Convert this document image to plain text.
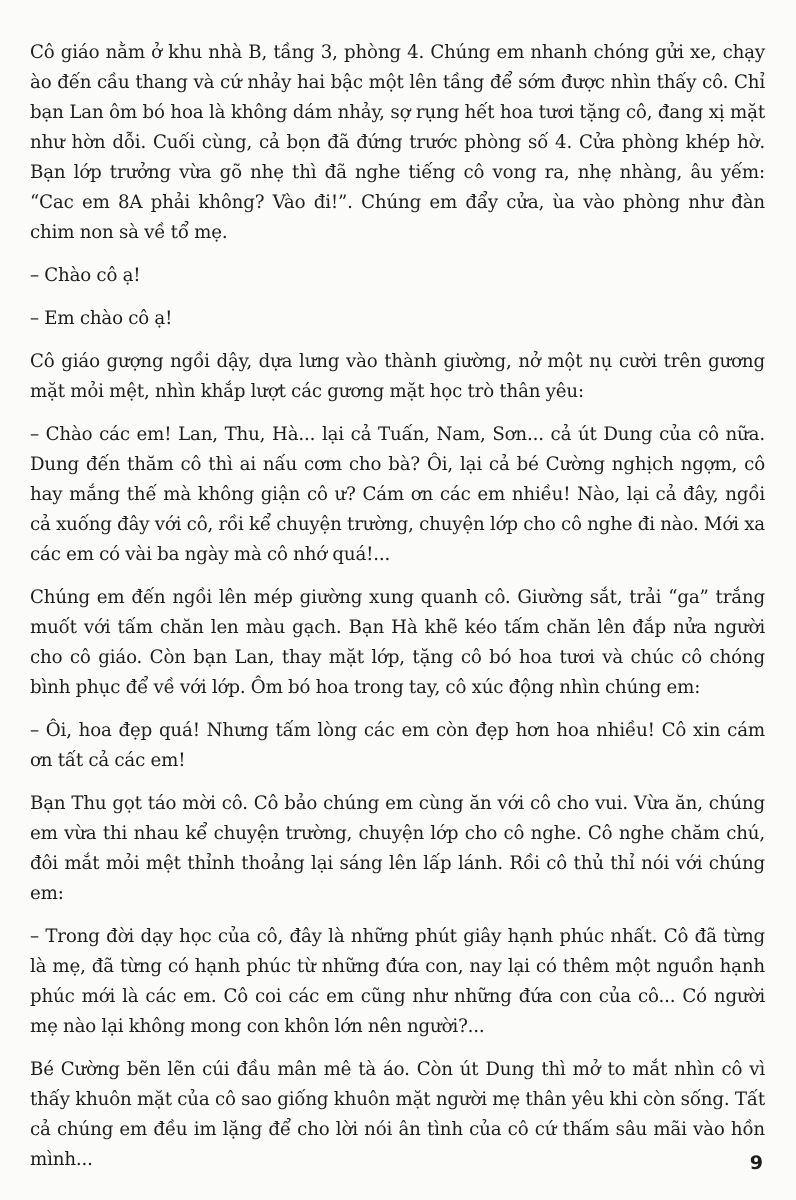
Cô giáo nằm ở khu nhà B, tầng 3, phòng 4. Chúng em nhanh chóng gửi xe, chạy ào đến cầu thang và cứ nhảy hai bậc một lên tầng để sớm được nhìn thấy cô. Chỉ bạn Lan ôm bó hoa là không dám nhảy, sợ rụng hết hoa tươi tặng cô, đang xị mặt như hờn dỗi. Cuối cùng, cả bọn đã đứng trước phòng số 4. Cửa phòng khép hờ. Bạn lớp trưởng vừa gõ nhẹ thì đã nghe tiếng cô vong ra, nhẹ nhàng, âu yếm: “Cac em 8A phải không? Vào đi!”. Chúng em đẩy cửa, ùa vào phòng như đàn chim non sà về tổ mẹ.

– Chào cô ạ!

– Em chào cô ạ!

Cô giáo gượng ngồi dậy, dựa lưng vào thành giường, nở một nụ cười trên gương mặt mỏi mệt, nhìn khắp lượt các gương mặt học trò thân yêu:

– Chào các em! Lan, Thu, Hà... lại cả Tuấn, Nam, Sơn... cả út Dung của cô nữa. Dung đến thăm cô thì ai nấu cơm cho bà? Ôi, lại cả bé Cường nghịch ngợm, cô hay mắng thế mà không giận cô ư? Cám ơn các em nhiều! Nào, lại cả đây, ngồi cả xuống đây với cô, rồi kể chuyện trường, chuyện lớp cho cô nghe đi nào. Mới xa các em có vài ba ngày mà cô nhớ quá!...

Chúng em đến ngồi lên mép giường xung quanh cô. Giường sắt, trải “ga” trắng muốt với tấm chăn len màu gạch. Bạn Hà khẽ kéo tấm chăn lên đắp nửa người cho cô giáo. Còn bạn Lan, thay mặt lớp, tặng cô bó hoa tươi và chúc cô chóng bình phục để về với lớp. Ôm bó hoa trong tay, cô xúc động nhìn chúng em:

– Ôi, hoa đẹp quá! Nhưng tấm lòng các em còn đẹp hơn hoa nhiều! Cô xin cám ơn tất cả các em!

Bạn Thu gọt táo mời cô. Cô bảo chúng em cùng ăn với cô cho vui. Vừa ăn, chúng em vừa thi nhau kể chuyện trường, chuyện lớp cho cô nghe. Cô nghe chăm chú, đôi mắt mỏi mệt thỉnh thoảng lại sáng lên lấp lánh. Rồi cô thủ thỉ nói với chúng em:

– Trong đời dạy học của cô, đây là những phút giây hạnh phúc nhất. Cô đã từng là mẹ, đã từng có hạnh phúc từ những đứa con, nay lại có thêm một nguồn hạnh phúc mới là các em. Cô coi các em cũng như những đứa con của cô... Có người mẹ nào lại không mong con khôn lớn nên người?...

Bé Cường bẽn lẽn cúi đầu mân mê tà áo. Còn út Dung thì mở to mắt nhìn cô vì thấy khuôn mặt của cô sao giống khuôn mặt người mẹ thân yêu khi còn sống. Tất cả chúng em đều im lặng để cho lời nói ân tình của cô cứ thấm sâu mãi vào hồn mình...	9
